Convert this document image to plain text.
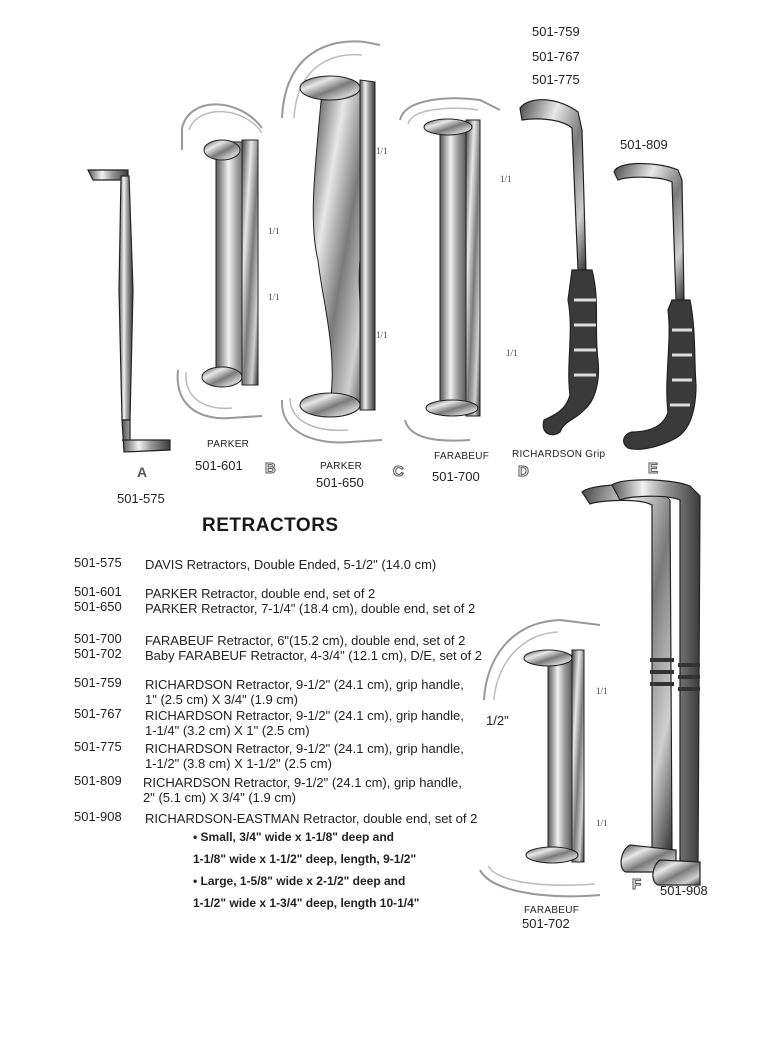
1/1
1/1
1/1
1/1
1/1
1/1
1/1
1/1
501-759
501-767
501-775
501-809
A
501-575
PARKER
501-601 B	PARKER
501-650
C
FARABEUF
501-700
RICHARDSON Grip
D	E
F 501-908
FARABEUF
501-702
1/2"
RETRACTORS
501-575 DAVIS Retractors, Double Ended, 5-1/2" (14.0 cm)
501-601 PARKER Retractor, double end, set of 2
501-650 PARKER Retractor, 7-1/4" (18.4 cm), double end, set of 2
501-700 FARABEUF Retractor, 6"(15.2 cm), double end, set of 2
501-702 Baby FARABEUF Retractor, 4-3/4" (12.1 cm), D/E, set of 2
501-759 RICHARDSON Retractor, 9-1/2" (24.1 cm), grip handle,
1" (2.5 cm) X 3/4" (1.9 cm)
501-767 RICHARDSON Retractor, 9-1/2" (24.1 cm), grip handle,
1-1/4" (3.2 cm) X 1" (2.5 cm)
501-775 RICHARDSON Retractor, 9-1/2" (24.1 cm), grip handle,
1-1/2" (3.8 cm) X 1-1/2" (2.5 cm)
501-809 RICHARDSON Retractor, 9-1/2" (24.1 cm), grip handle,
2" (5.1 cm) X 3/4" (1.9 cm)
501-908 RICHARDSON-EASTMAN Retractor, double end, set of 2
• Small, 3/4" wide x 1-1/8" deep and
1-1/8" wide x 1-1/2" deep, length, 9-1/2"
• Large, 1-5/8" wide x 2-1/2" deep and
1-1/2" wide x 1-3/4" deep, length 10-1/4"
